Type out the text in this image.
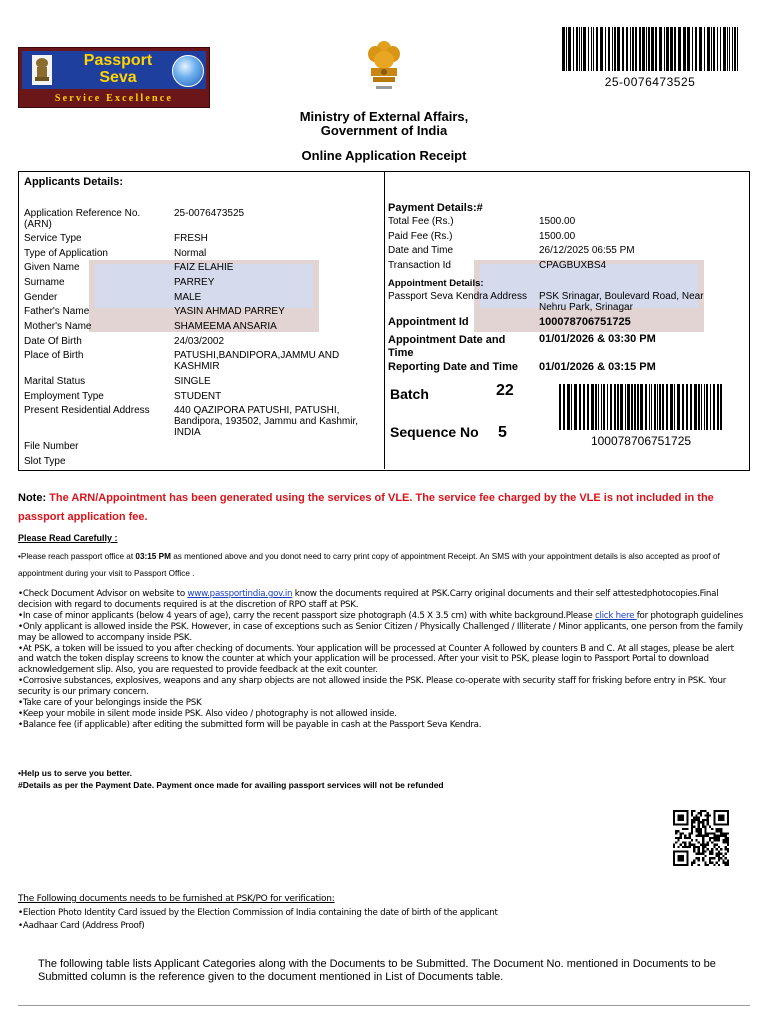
Passport
Seva
Service Excellence
25-0076473525
Ministry of External Affairs,
Government of India
Online Application Receipt
Applicants Details:
Application Reference No. (ARN)
25-0076473525
Service Type	FRESH
Type of Application	Normal
Given Name	FAIZ ELAHIE
Surname	PARREY
Gender	MALE
Father's Name	YASIN AHMAD PARREY
Mother's Name	SHAMEEMA ANSARIA
Date Of Birth	24/03/2002
Place of Birth	PATUSHI,BANDIPORA,JAMMU AND KASHMIR
Marital Status	SINGLE
Employment Type	STUDENT
Present Residential Address 440 QAZIPORA PATUSHI, PATUSHI, Bandipora, 193502, Jammu and Kashmir, INDIA
File Number
Slot Type
Payment Details:#
Total Fee (Rs.)	1500.00
Paid Fee (Rs.)	1500.00
Date and Time	26/12/2025 06:55 PM
Transaction Id	CPAGBUXBS4
Appointment Details:
Passport Seva Kendra Address PSK Srinagar, Boulevard Road, Near Nehru Park, Srinagar
Appointment Id	100078706751725
Appointment Date and Time
01/01/2026 & 03:30 PM
Reporting Date and Time 01/01/2026 & 03:15 PM
Batch	22
Sequence No 5	100078706751725
Note: The ARN/Appointment has been generated using the services of VLE. The service fee charged by the VLE is not included in the passport application fee.
Please Read Carefully :
•Please reach passport office at 03:15 PM as mentioned above and you donot need to carry print copy of appointment Receipt. An SMS with your appointment details is also accepted as proof of appointment during your visit to Passport Office .
•Check Document Advisor on website to www.passportindia.gov.in know the documents required at PSK.Carry original documents and their self attestedphotocopies.Final decision with regard to documents required is at the discretion of RPO staff at PSK.
•In case of minor applicants (below 4 years of age), carry the recent passport size photograph (4.5 X 3.5 cm) with white background.Please click here for photograph guidelines
•Only applicant is allowed inside the PSK. However, in case of exceptions such as Senior Citizen / Physically Challenged / Illiterate / Minor applicants, one person from the family may be allowed to accompany inside PSK.
•At PSK, a token will be issued to you after checking of documents. Your application will be processed at Counter A followed by counters B and C. At all stages, please be alert and watch the token display screens to know the counter at which your application will be processed. After your visit to PSK, please login to Passport Portal to download acknowledgement slip. Also, you are requested to provide feedback at the exit counter.
•Corrosive substances, explosives, weapons and any sharp objects are not allowed inside the PSK. Please co-operate with security staff for frisking before entry in PSK. Your security is our primary concern.
•Take care of your belongings inside the PSK
•Keep your mobile in silent mode inside PSK. Also video / photography is not allowed inside.
•Balance fee (if applicable) after editing the submitted form will be payable in cash at the Passport Seva Kendra.
•Help us to serve you better.
#Details as per the Payment Date. Payment once made for availing passport services will not be refunded
The Following documents needs to be furnished at PSK/PO for verification:
•Election Photo Identity Card issued by the Election Commission of India containing the date of birth of the applicant
•Aadhaar Card (Address Proof)
The following table lists Applicant Categories along with the Documents to be Submitted. The Document No. mentioned in Documents to be Submitted column is the reference given to the document mentioned in List of Documents table.
